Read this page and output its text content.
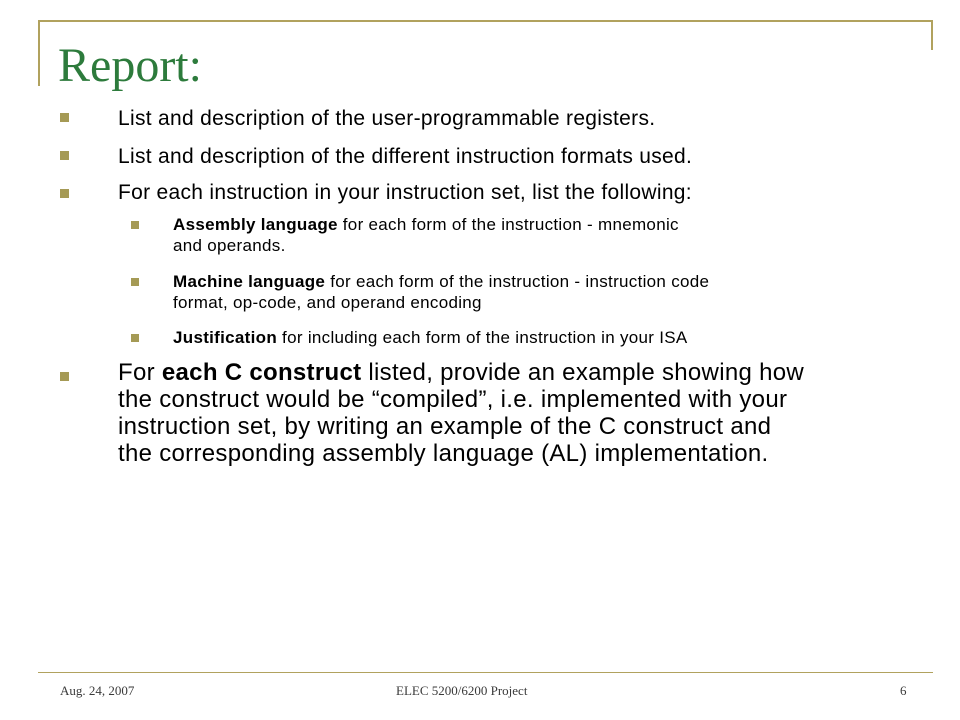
Report:
List and description of the user-programmable registers.
List and description of the different instruction formats used.
For each instruction in your instruction set, list the following:
Assembly language for each form of the instruction - mnemonic
and operands.
Machine language for each form of the instruction - instruction code
format, op-code, and operand encoding
Justification for including each form of the instruction in your ISA
For each C construct listed, provide an example showing how
the construct would be “compiled”, i.e. implemented with your
instruction set, by writing an example of the C construct and
the corresponding assembly language (AL) implementation.
Aug. 24, 2007	ELEC 5200/6200 Project	6
